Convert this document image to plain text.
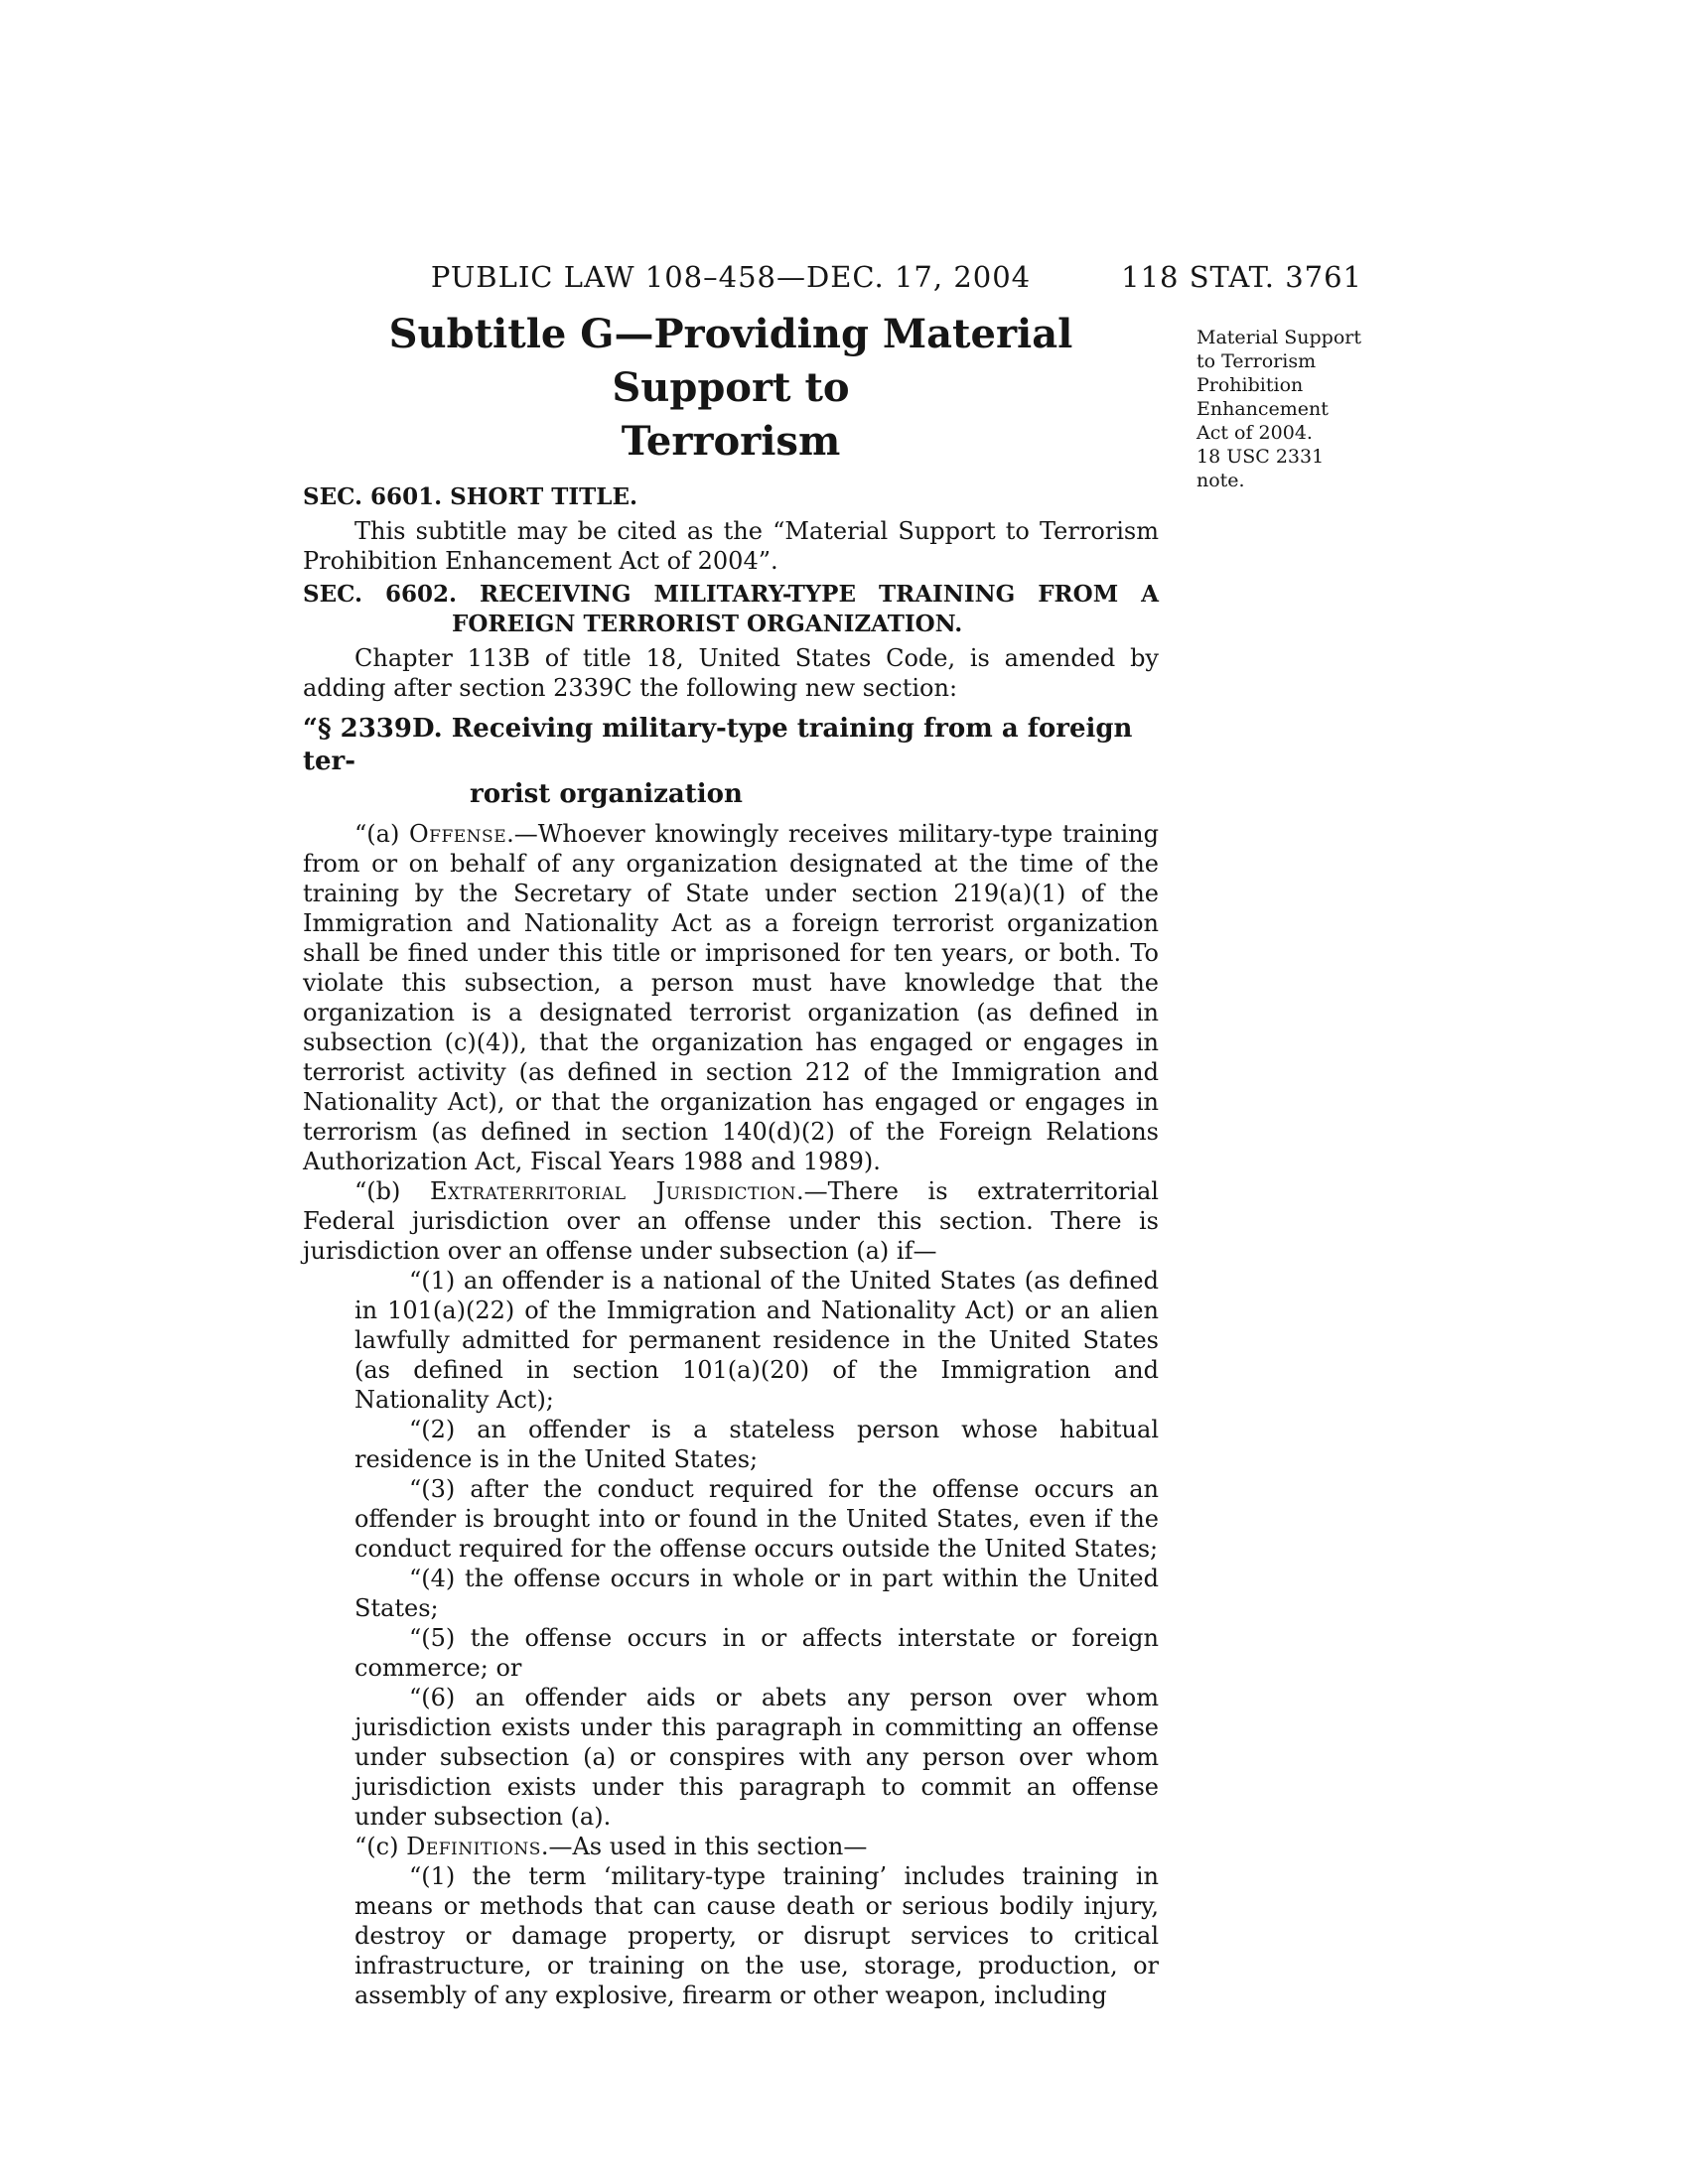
PUBLIC LAW 108–458—DEC. 17, 2004	118 STAT. 3761
Material Support
to Terrorism
Prohibition
Enhancement
Act of 2004.
18 USC 2331
note.
Subtitle G—Providing Material Support to
Terrorism

SEC. 6601. SHORT TITLE.

This subtitle may be cited as the “Material Support to Terrorism Prohibition Enhancement Act of 2004”.

SEC. 6602. RECEIVING MILITARY-TYPE TRAINING FROM A FOREIGN TERRORIST ORGANIZATION.

Chapter 113B of title 18, United States Code, is amended by adding after section 2339C the following new section:

“§ 2339D. Receiving military-type training from a foreign ter-
rorist organization

“(a) Offense.—Whoever knowingly receives military-type training from or on behalf of any organization designated at the time of the training by the Secretary of State under section 219(a)(1) of the Immigration and Nationality Act as a foreign terrorist organization shall be fined under this title or imprisoned for ten years, or both. To violate this subsection, a person must have knowledge that the organization is a designated terrorist organization (as defined in subsection (c)(4)), that the organization has engaged or engages in terrorist activity (as defined in section 212 of the Immigration and Nationality Act), or that the organization has engaged or engages in terrorism (as defined in section 140(d)(2) of the Foreign Relations Authorization Act, Fiscal Years 1988 and 1989).

“(b) Extraterritorial Jurisdiction.—There is extraterritorial Federal jurisdiction over an offense under this section. There is jurisdiction over an offense under subsection (a) if—

“(1) an offender is a national of the United States (as defined in 101(a)(22) of the Immigration and Nationality Act) or an alien lawfully admitted for permanent residence in the United States (as defined in section 101(a)(20) of the Immigration and Nationality Act);

“(2) an offender is a stateless person whose habitual residence is in the United States;

“(3) after the conduct required for the offense occurs an offender is brought into or found in the United States, even if the conduct required for the offense occurs outside the United States;

“(4) the offense occurs in whole or in part within the United States;

“(5) the offense occurs in or affects interstate or foreign commerce; or

“(6) an offender aids or abets any person over whom jurisdiction exists under this paragraph in committing an offense under subsection (a) or conspires with any person over whom jurisdiction exists under this paragraph to commit an offense under subsection (a).

“(c) Definitions.—As used in this section—

“(1) the term ‘military-type training’ includes training in means or methods that can cause death or serious bodily injury, destroy or damage property, or disrupt services to critical infrastructure, or training on the use, storage, production, or assembly of any explosive, firearm or other weapon, including
